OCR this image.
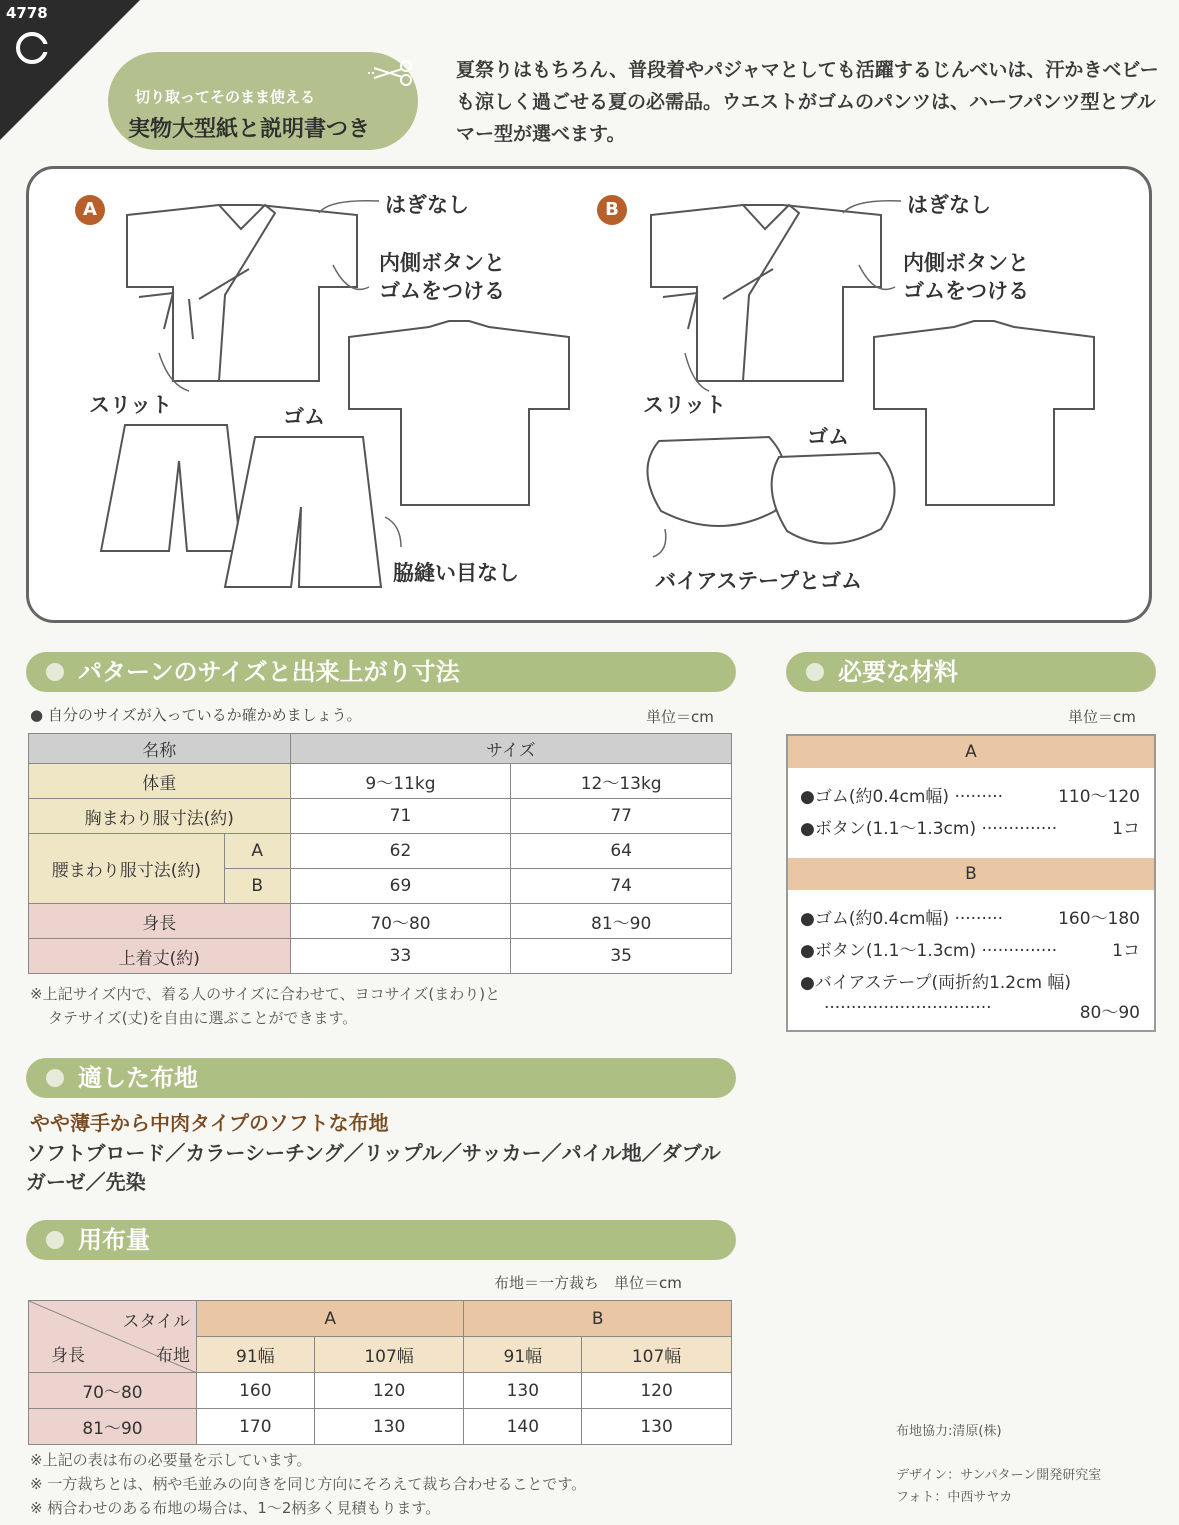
4778
切り取ってそのまま使える
実物大型紙と説明書つき
夏祭りはもちろん、普段着やパジャマとしても活躍するじんべいは、汗かきベビーも涼しく過ごせる夏の必需品。ウエストがゴムのパンツは、ハーフパンツ型とブルマー型が選べます。
A	はぎなし
内側ボタンと
ゴムをつける
スリット	ゴム
脇縫い目なし
B	はぎなし
内側ボタンと
ゴムをつける
スリット
ゴム
バイアステープとゴム
パターンのサイズと出来上がり寸法
● 自分のサイズが入っているか確かめましょう。	単位＝cm
名称		サイズ	
体重		9〜11kg	12〜13kg
胸まわり服寸法(約)		71	77
腰まわり服寸法(約)	A	62	64
	B	69	74
身長		70〜80	81〜90
上着丈(約)		33	35
※上記サイズ内で、着る人のサイズに合わせて、ヨコサイズ(まわり)と
タテサイズ(丈)を自由に選ぶことができます。
必要な材料
単位＝cm
A
●ゴム(約0.4cm幅) ·········	110〜120
●ボタン(1.1〜1.3cm) ··············	1コ
B
●ゴム(約0.4cm幅) ·········	160〜180
●ボタン(1.1〜1.3cm) ··············	1コ
●バイアステープ(両折約1.2cm 幅)
·······························	80〜90
適した布地
やや薄手から中肉タイプのソフトな布地
ソフトブロード／カラーシーチング／リップル／サッカー／パイル地／ダブルガーゼ／先染
用布量
布地＝一方裁ち　単位＝cm
スタイル
身長 布地	A		B	
	91幅	107幅	91幅	107幅
70〜80	160	120	130	120
81〜90	170	130	140	130
※上記の表は布の必要量を示しています。
※ 一方裁ちとは、柄や毛並みの向きを同じ方向にそろえて裁ち合わせることです。
※ 柄合わせのある布地の場合は、1〜2柄多く見積もります。
布地協力:清原(株)
デザイン：サンパターン開発研究室
フォト：中西サヤカ
